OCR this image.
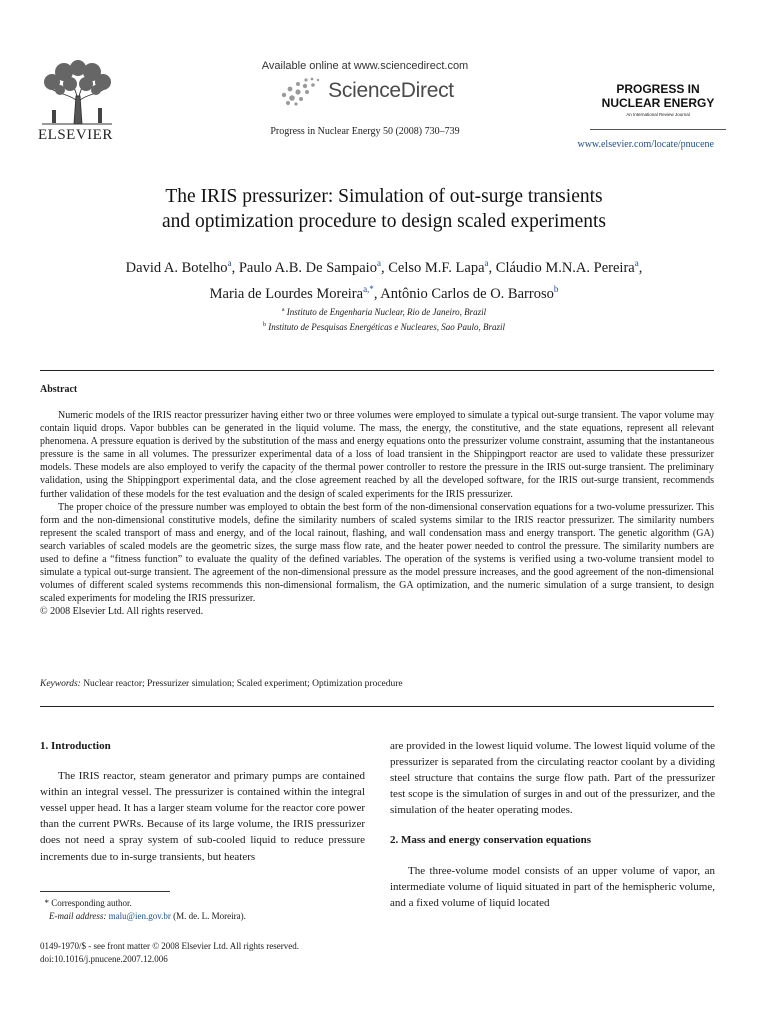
ELSEVIER
Available online at www.sciencedirect.com
ScienceDirect
Progress in Nuclear Energy 50 (2008) 730–739
PROGRESS IN
NUCLEAR ENERGY
An International Review Journal
www.elsevier.com/locate/pnucene
The IRIS pressurizer: Simulation of out-surge transients
and optimization procedure to design scaled experiments
David A. Botelho$^a$, Paulo A.B. De Sampaio$^a$, Celso M.F. Lapa$^a$, Cláudio M.N.A. Pereira$^a$,
Maria de Lourdes Moreira$^{a,*}$, Antônio Carlos de O. Barroso$^b$
$^a$ Instituto de Engenharia Nuclear, Rio de Janeiro, Brazil
$^b$ Instituto de Pesquisas Energéticas e Nucleares, Sao Paulo, Brazil
Abstract

Numeric models of the IRIS reactor pressurizer having either two or three volumes were employed to simulate a typical out-surge transient. The vapor volume may contain liquid drops. Vapor bubbles can be generated in the liquid volume. The mass, the energy, the constitutive, and the state equations, represent all relevant phenomena. A pressure equation is derived by the substitution of the mass and energy equations onto the pressurizer volume constraint, assuming that the instantaneous pressure is the same in all volumes. The pressurizer experimental data of a loss of load transient in the Shippingport reactor are used to validate these pressurizer models. These models are also employed to verify the capacity of the thermal power controller to restore the pressure in the IRIS out-surge transient. The preliminary validation, using the Shippingport experimental data, and the close agreement reached by all the developed software, for the IRIS out-surge transient, recommends further validation of these models for the test evaluation and the design of scaled experiments for the IRIS pressurizer.

The proper choice of the pressure number was employed to obtain the best form of the non-dimensional conservation equations for a two-volume pressurizer. This form and the non-dimensional constitutive models, define the similarity numbers of scaled systems similar to the IRIS reactor pressurizer. The similarity numbers represent the scaled transport of mass and energy, and of the local rainout, flashing, and wall condensation mass and energy transport. The genetic algorithm (GA) search variables of scaled models are the geometric sizes, the surge mass flow rate, and the heater power needed to control the pressure. The similarity numbers are used to define a “fitness function” to evaluate the quality of the defined variables. The operation of the systems is verified using a two-volume transient model to simulate a typical out-surge transient. The agreement of the non-dimensional pressure as the model pressure increases, and the good agreement of the non-dimensional volumes of different scaled systems recommends this non-dimensional formalism, the GA optimization, and the numeric simulation of a surge transient, to design scaled experiments for modeling the IRIS pressurizer.

© 2008 Elsevier Ltd. All rights reserved.

Keywords: Nuclear reactor; Pressurizer simulation; Scaled experiment; Optimization procedure
1. Introduction

The IRIS reactor, steam generator and primary pumps are contained within an integral vessel. The pressurizer is contained within the integral vessel upper head. It has a larger steam volume for the reactor core power than the current PWRs. Because of its large volume, the IRIS pressurizer does not need a spray system of sub-cooled liquid to reduce pressure increments due to in-surge transients, but heaters

are provided in the lowest liquid volume. The lowest liquid volume of the pressurizer is separated from the circulating reactor coolant by a dividing steel structure that contains the surge flow path. Part of the pressurizer test scope is the simulation of surges in and out of the pressurizer, and the simulation of the heater operating modes.

2. Mass and energy conservation equations

The three-volume model consists of an upper volume of vapor, an intermediate volume of liquid situated in part of the hemispheric volume, and a fixed volume of liquid located

* Corresponding author.
E-mail address: malu@ien.gov.br (M. de. L. Moreira).
0149-1970/$ - see front matter © 2008 Elsevier Ltd. All rights reserved.
doi:10.1016/j.pnucene.2007.12.006
